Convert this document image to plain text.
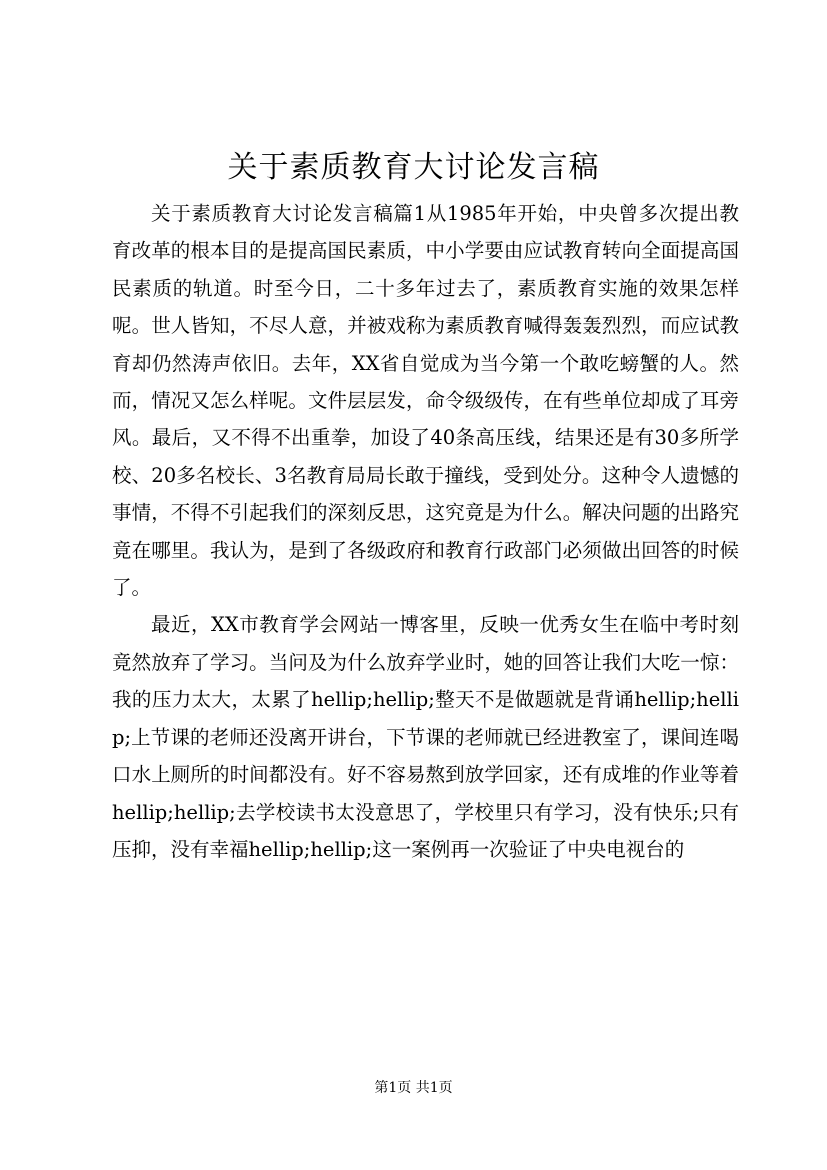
关于素质教育大讨论发言稿

关于素质教育大讨论发言稿篇1从1985年开始，中央曾多次提出教育改革的根本目的是提高国民素质，中小学要由应试教育转向全面提高国民素质的轨道。时至今日，二十多年过去了，素质教育实施的效果怎样呢。世人皆知，不尽人意，并被戏称为素质教育喊得轰轰烈烈，而应试教育却仍然涛声依旧。去年，XX省自觉成为当今第一个敢吃螃蟹的人。然而，情况又怎么样呢。文件层层发，命令级级传，在有些单位却成了耳旁风。最后，又不得不出重拳，加设了40条高压线，结果还是有30多所学校、20多名校长、3名教育局局长敢于撞线，受到处分。这种令人遗憾的事情，不得不引起我们的深刻反思，这究竟是为什么。解决问题的出路究竟在哪里。我认为，是到了各级政府和教育行政部门必须做出回答的时候了。

最近，XX市教育学会网站一博客里，反映一优秀女生在临中考时刻竟然放弃了学习。当问及为什么放弃学业时，她的回答让我们大吃一惊：我的压力太大，太累了hellip;hellip;整天不是做题就是背诵hellip;hellip;上节课的老师还没离开讲台，下节课的老师就已经进教室了，课间连喝口水上厕所的时间都没有。好不容易熬到放学回家，还有成堆的作业等着hellip;hellip;去学校读书太没意思了，学校里只有学习，没有快乐;只有压抑，没有幸福hellip;hellip;这一案例再一次验证了中央电视台的

第1页 共1页
